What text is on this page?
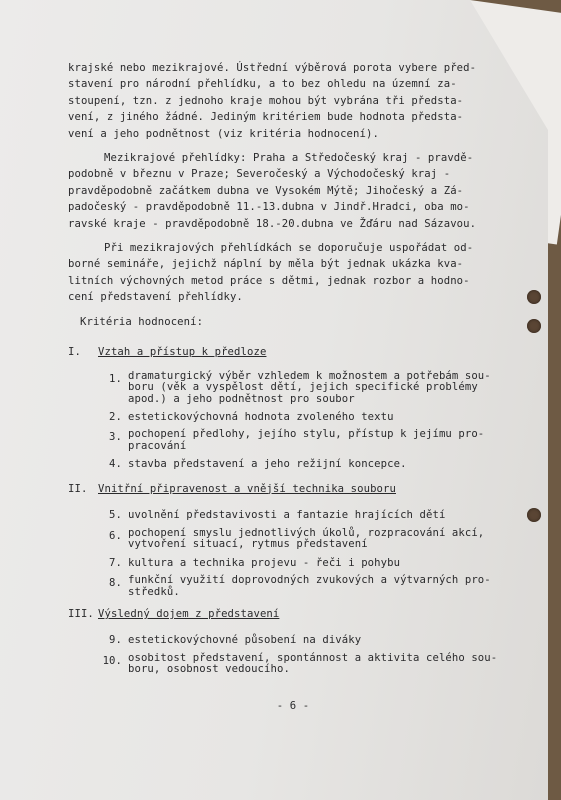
krajské nebo mezikrajové. Ústřední výběrová porota vybere před-
stavení pro národní přehlídku, a to bez ohledu na územní za-
stoupení, tzn. z jednoho kraje mohou být vybrána tři předsta-
vení, z jiného žádné. Jediným kritériem bude hodnota předsta-
vení a jeho podnětnost (viz kritéria hodnocení).
Mezikrajové přehlídky: Praha a Středočeský kraj - pravdě-
podobně v březnu v Praze; Severočeský a Východočeský kraj -
pravděpodobně začátkem dubna ve Vysokém Mýtě; Jihočeský a Zá-
padočeský - pravděpodobně 11.-13.dubna v Jindř.Hradci, oba mo-
ravské kraje - pravděpodobně 18.-20.dubna ve Žďáru nad Sázavou.
Při mezikrajových přehlídkách se doporučuje uspořádat od-
borné semináře, jejichž náplní by měla být jednak ukázka kva-
litních výchovných metod práce s dětmi, jednak rozbor a hodno-
cení představení přehlídky.
Kritéria hodnocení:
I.	Vztah a přístup k předloze
1. dramaturgický výběr vzhledem k možnostem a potřebám sou-
boru (věk a vyspělost dětí, jejich specifické problémy
apod.) a jeho podnětnost pro soubor
2. estetickovýchovná hodnota zvoleného textu
3. pochopení předlohy, jejího stylu, přístup k jejímu pro-
pracování
4. stavba představení a jeho režijní koncepce.
II. Vnitřní připravenost a vnější technika souboru
5. uvolnění představivosti a fantazie hrajících dětí
6. pochopení smyslu jednotlivých úkolů, rozpracování akcí,
vytvoření situací, rytmus představení
7. kultura a technika projevu - řeči i pohybu
8. funkční využití doprovodných zvukových a výtvarných pro-
středků.
III. Výsledný dojem z představení
9. estetickovýchovné působení na diváky
10. osobitost představení, spontánnost a aktivita celého sou-
boru, osobnost vedoucího.
- 6 -
